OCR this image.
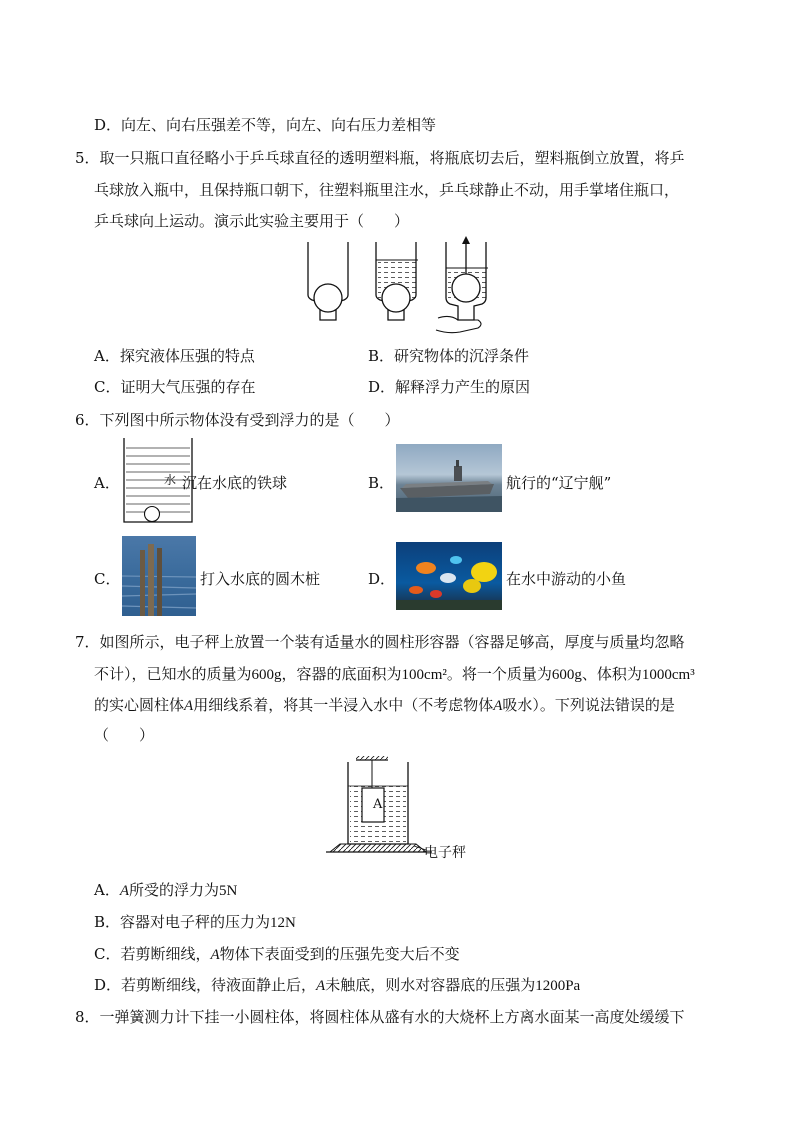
D．向左、向右压强差不等，向左、向右压力差相等
5．取一只瓶口直径略小于乒乓球直径的透明塑料瓶，将瓶底切去后，塑料瓶倒立放置，将乒
乓球放入瓶中，且保持瓶口朝下，往塑料瓶里注水，乒乓球静止不动，用手掌堵住瓶口，
乒乓球向上运动。演示此实验主要用于（　　）
A．探究液体压强的特点	B．研究物体的沉浮条件
C．证明大气压强的存在	D．解释浮力产生的原因
6．下列图中所示物体没有受到浮力的是（　　）
A．	水 沉在水底的铁球	B．	航行的“辽宁舰”
C．	打入水底的圆木桩	D．	在水中游动的小鱼
7．如图所示，电子秤上放置一个装有适量水的圆柱形容器（容器足够高，厚度与质量均忽略
不计），已知水的质量为600g，容器的底面积为100cm²。将一个质量为600g、体积为1000cm³
的实心圆柱体A用细线系着，将其一半浸入水中（不考虑物体A吸水）。下列说法错误的是
（　　）
A
电子秤
A．A所受的浮力为5N
B．容器对电子秤的压力为12N
C．若剪断细线，A物体下表面受到的压强先变大后不变
D．若剪断细线，待液面静止后，A未触底，则水对容器底的压强为1200Pa
8．一弹簧测力计下挂一小圆柱体，将圆柱体从盛有水的大烧杯上方离水面某一高度处缓缓下
